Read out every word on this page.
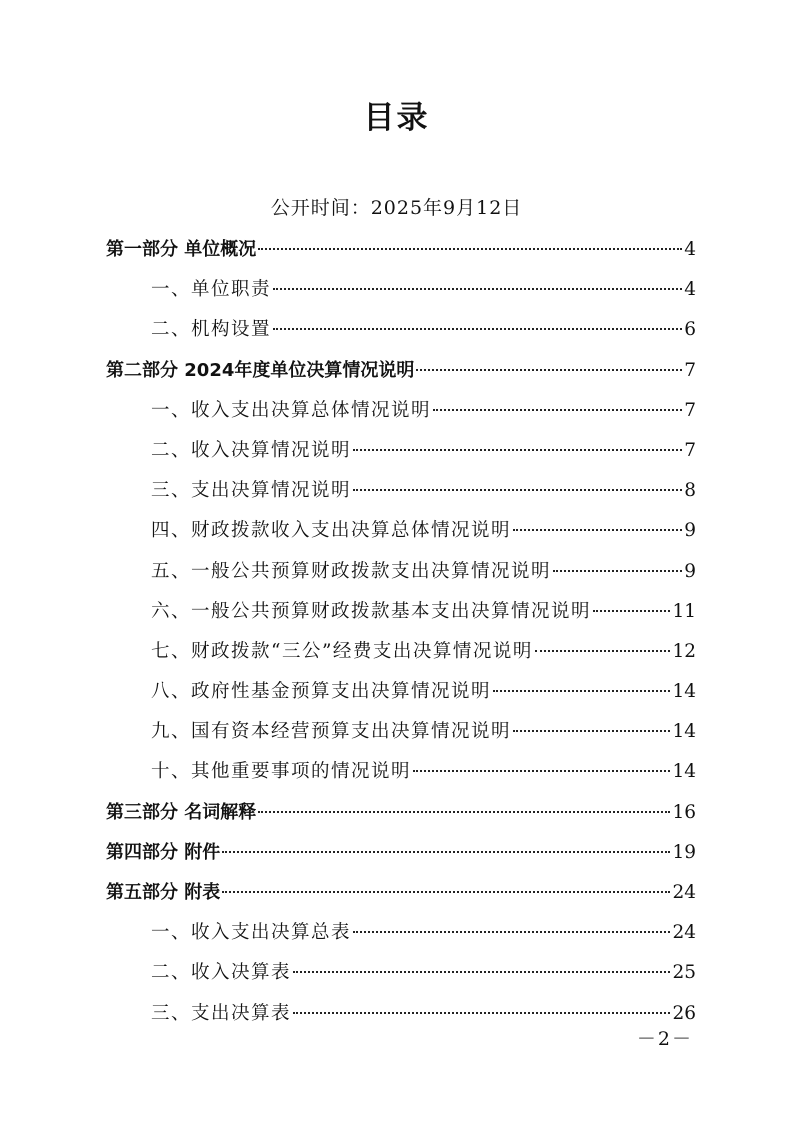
目录
公开时间：2025年9月12日
第一部分 单位概况	4
一、单位职责	4
二、机构设置	6
第二部分 2024年度单位决算情况说明	7
一、收入支出决算总体情况说明	7
二、收入决算情况说明	7
三、支出决算情况说明	8
四、财政拨款收入支出决算总体情况说明	9
五、一般公共预算财政拨款支出决算情况说明	9
六、一般公共预算财政拨款基本支出决算情况说明	11
七、财政拨款“三公”经费支出决算情况说明	12
八、政府性基金预算支出决算情况说明	14
九、国有资本经营预算支出决算情况说明	14
十、其他重要事项的情况说明	14
第三部分 名词解释	16
第四部分 附件	19
第五部分 附表	24
一、收入支出决算总表	24
二、收入决算表	25
三、支出决算表	26
－2－
